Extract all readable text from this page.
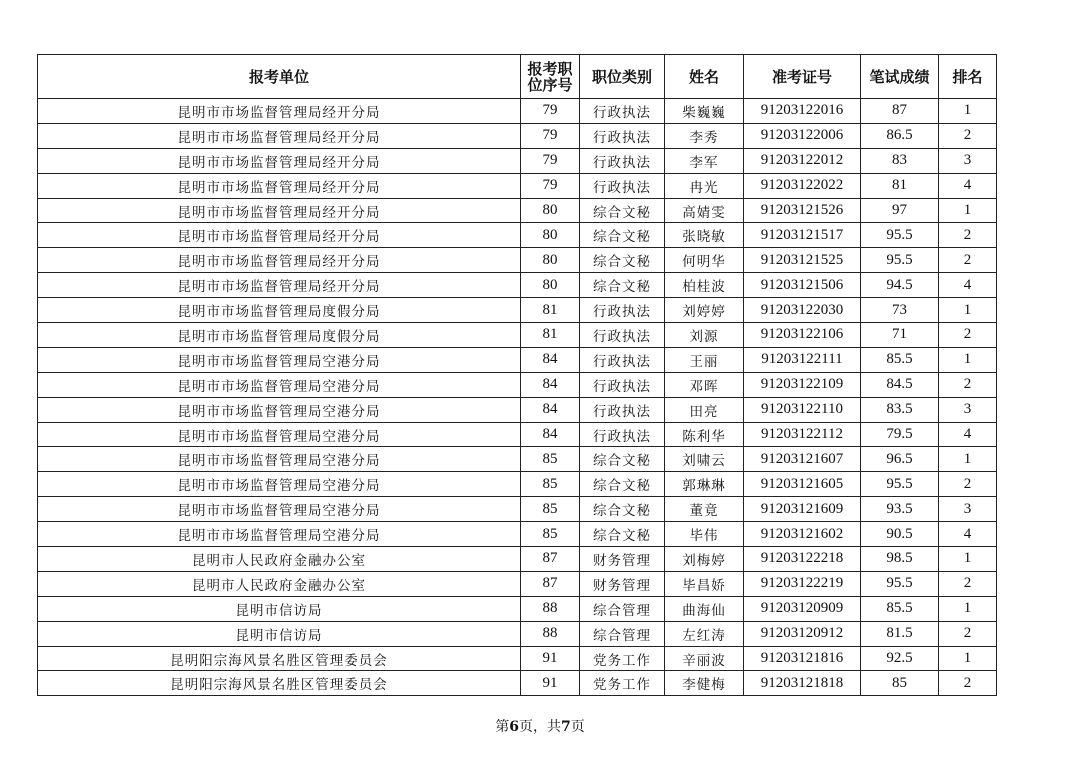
报考单位	报考职位序号	职位类别	姓名	准考证号	笔试成绩	排名
昆明市市场监督管理局经开分局	79	行政执法	柴巍巍	91203122016	87	1
昆明市市场监督管理局经开分局	79	行政执法	李秀	91203122006	86.5	2
昆明市市场监督管理局经开分局	79	行政执法	李军	91203122012	83	3
昆明市市场监督管理局经开分局	79	行政执法	冉光	91203122022	81	4
昆明市市场监督管理局经开分局	80	综合文秘	高婧雯	91203121526	97	1
昆明市市场监督管理局经开分局	80	综合文秘	张晓敏	91203121517	95.5	2
昆明市市场监督管理局经开分局	80	综合文秘	何明华	91203121525	95.5	2
昆明市市场监督管理局经开分局	80	综合文秘	柏桂波	91203121506	94.5	4
昆明市市场监督管理局度假分局	81	行政执法	刘婷婷	91203122030	73	1
昆明市市场监督管理局度假分局	81	行政执法	刘源	91203122106	71	2
昆明市市场监督管理局空港分局	84	行政执法	王丽	91203122111	85.5	1
昆明市市场监督管理局空港分局	84	行政执法	邓晖	91203122109	84.5	2
昆明市市场监督管理局空港分局	84	行政执法	田亮	91203122110	83.5	3
昆明市市场监督管理局空港分局	84	行政执法	陈利华	91203122112	79.5	4
昆明市市场监督管理局空港分局	85	综合文秘	刘啸云	91203121607	96.5	1
昆明市市场监督管理局空港分局	85	综合文秘	郭琳琳	91203121605	95.5	2
昆明市市场监督管理局空港分局	85	综合文秘	董竟	91203121609	93.5	3
昆明市市场监督管理局空港分局	85	综合文秘	毕伟	91203121602	90.5	4
昆明市人民政府金融办公室	87	财务管理	刘梅婷	91203122218	98.5	1
昆明市人民政府金融办公室	87	财务管理	毕昌娇	91203122219	95.5	2
昆明市信访局	88	综合管理	曲海仙	91203120909	85.5	1
昆明市信访局	88	综合管理	左红涛	91203120912	81.5	2
昆明阳宗海风景名胜区管理委员会	91	党务工作	辛丽波	91203121816	92.5	1
昆明阳宗海风景名胜区管理委员会	91	党务工作	李健梅	91203121818	85	2
第6页，共7页
